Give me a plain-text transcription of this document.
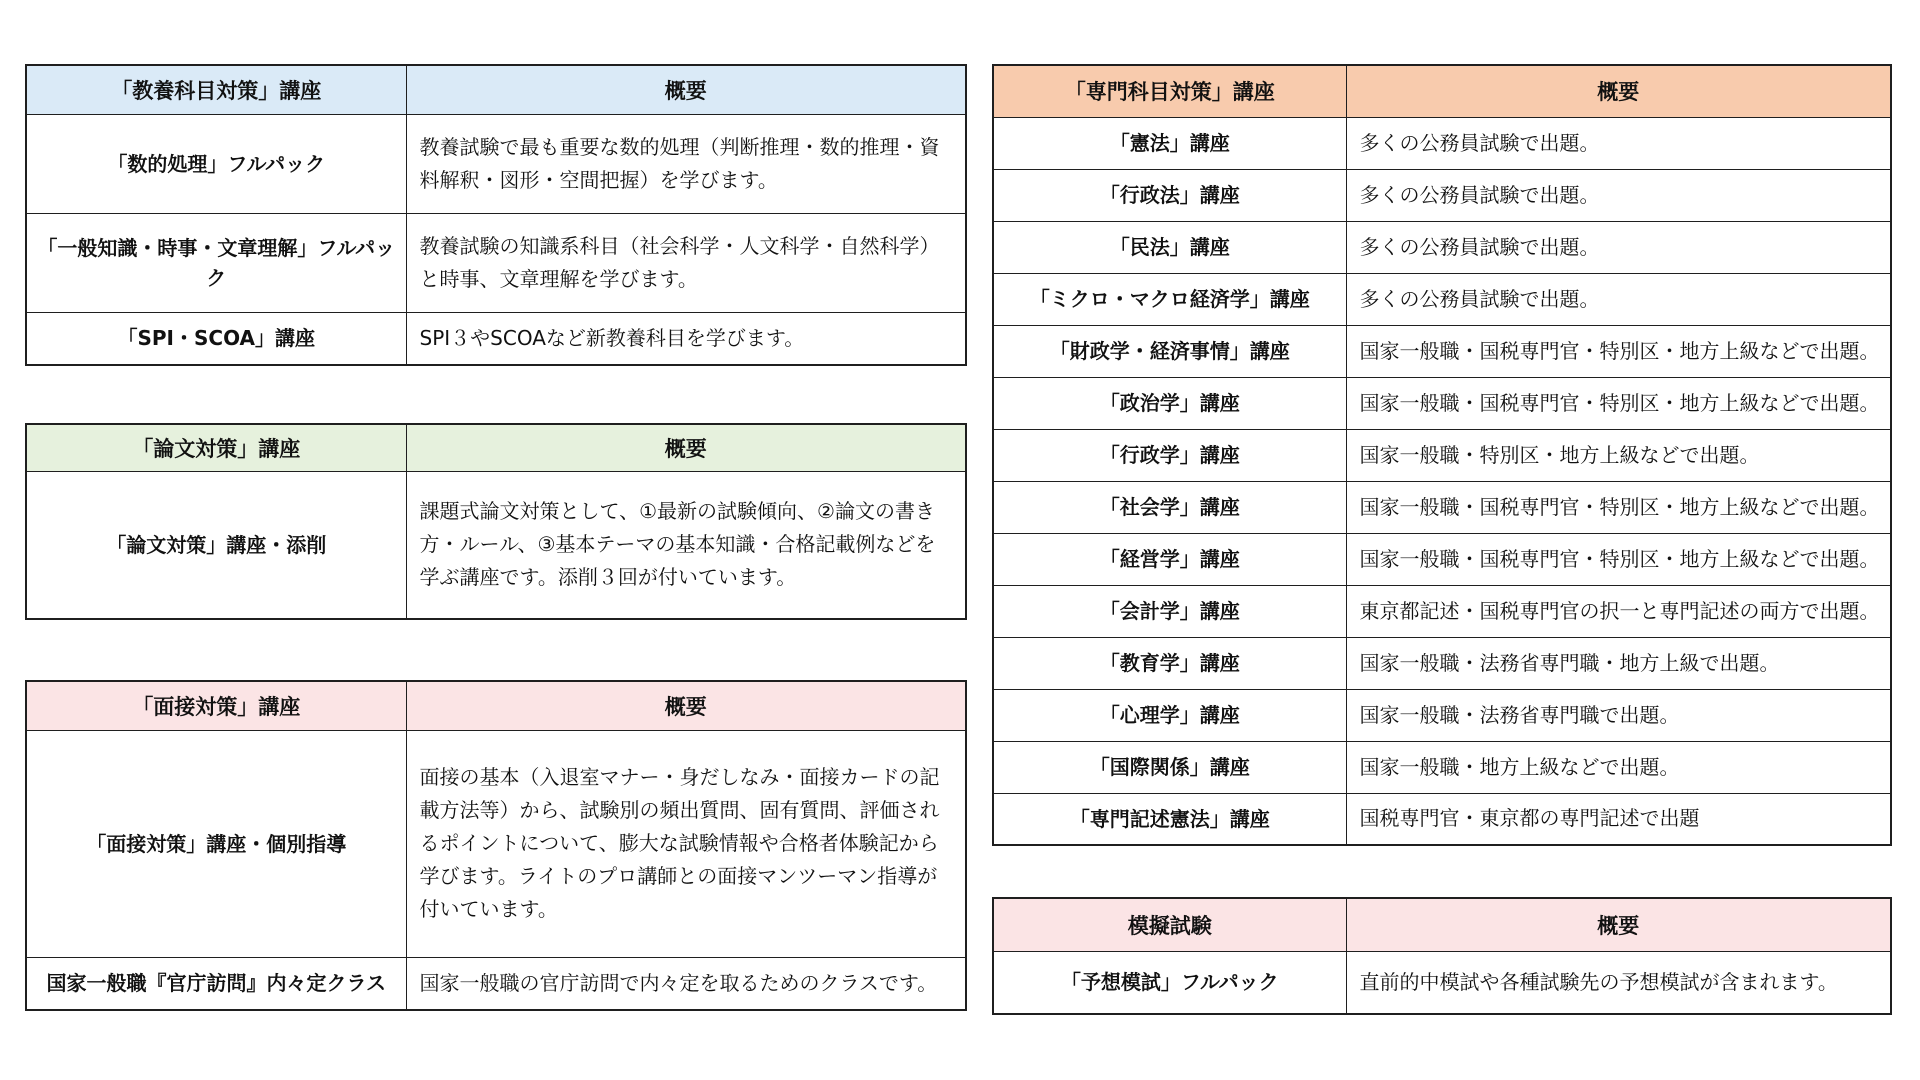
「教養科目対策」講座	概要
「数的処理」フルパック	教養試験で最も重要な数的処理（判断推理・数的推理・資料解釈・図形・空間把握）を学びます。
「一般知識・時事・文章理解」フルパック	教養試験の知識系科目（社会科学・人文科学・自然科学）と時事、文章理解を学びます。
「SPI・SCOA」講座	SPI３やSCOAなど新教養科目を学びます。
「論文対策」講座	概要
「論文対策」講座・添削	課題式論文対策として、①最新の試験傾向、②論文の書き方・ルール、③基本テーマの基本知識・合格記載例などを学ぶ講座です。添削３回が付いています。
「面接対策」講座	概要
「面接対策」講座・個別指導	面接の基本（入退室マナー・身だしなみ・面接カードの記載方法等）から、試験別の頻出質問、固有質問、評価されるポイントについて、膨大な試験情報や合格者体験記から学びます。ライトのプロ講師との面接マンツーマン指導が付いています。
国家一般職『官庁訪問』内々定クラス	国家一般職の官庁訪問で内々定を取るためのクラスです。
「専門科目対策」講座	概要
「憲法」講座	多くの公務員試験で出題。
「行政法」講座	多くの公務員試験で出題。
「民法」講座	多くの公務員試験で出題。
「ミクロ・マクロ経済学」講座	多くの公務員試験で出題。
「財政学・経済事情」講座	国家一般職・国税専門官・特別区・地方上級などで出題。
「政治学」講座	国家一般職・国税専門官・特別区・地方上級などで出題。
「行政学」講座	国家一般職・特別区・地方上級などで出題。
「社会学」講座	国家一般職・国税専門官・特別区・地方上級などで出題。
「経営学」講座	国家一般職・国税専門官・特別区・地方上級などで出題。
「会計学」講座	東京都記述・国税専門官の択一と専門記述の両方で出題。
「教育学」講座	国家一般職・法務省専門職・地方上級で出題。
「心理学」講座	国家一般職・法務省専門職で出題。
「国際関係」講座	国家一般職・地方上級などで出題。
「専門記述憲法」講座	国税専門官・東京都の専門記述で出題
模擬試験	概要
「予想模試」フルパック	直前的中模試や各種試験先の予想模試が含まれます。
